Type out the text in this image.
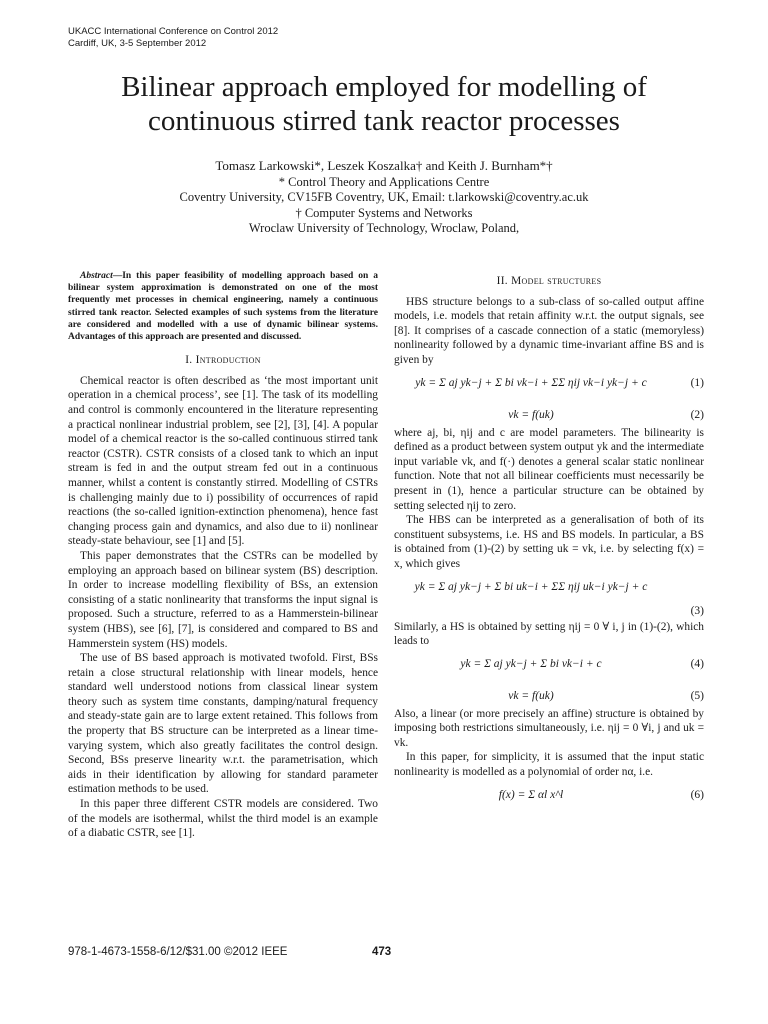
UKACC International Conference on Control 2012
Cardiff, UK, 3-5 September 2012
Bilinear approach employed for modelling of
continuous stirred tank reactor processes
Tomasz Larkowski*, Leszek Koszalka† and Keith J. Burnham*†
* Control Theory and Applications Centre
Coventry University, CV15FB Coventry, UK, Email: t.larkowski@coventry.ac.uk
† Computer Systems and Networks
Wroclaw University of Technology, Wroclaw, Poland,

Abstract—In this paper feasibility of modelling approach based on a bilinear system approximation is demonstrated on one of the most frequently met processes in chemical engineering, namely a continuous stirred tank reactor. Selected examples of such systems from the literature are considered and modelled with a use of dynamic bilinear systems. Advantages of this approach are presented and discussed.

I. Introduction

Chemical reactor is often described as ‘the most important unit operation in a chemical process’, see [1]. The task of its modelling and control is commonly encountered in the literature representing a practical nonlinear industrial problem, see [2], [3], [4]. A popular model of a chemical reactor is the so-called continuous stirred tank reactor (CSTR). CSTR consists of a closed tank to which an input stream is fed in and the output stream fed out in a continuous manner, whilst a content is constantly stirred. Modelling of CSTRs is challenging mainly due to i) possibility of occurrences of rapid reactions (the so-called ignition-extinction phenomena), hence fast changing process gain and dynamics, and also due to ii) nonlinear steady-state behaviour, see [1] and [5].

This paper demonstrates that the CSTRs can be modelled by employing an approach based on bilinear system (BS) description. In order to increase modelling flexibility of BSs, an extension consisting of a static nonlinearity that transforms the input signal is proposed. Such a structure, referred to as a Hammerstein-bilinear system (HBS), see [6], [7], is considered and compared to BS and Hammerstein system (HS) models.

The use of BS based approach is motivated twofold. First, BSs retain a close structural relationship with linear models, hence standard well understood notions from classical linear system theory such as system time constants, damping/natural frequency and steady-state gain are to large extent retained. This follows from the property that BS structure can be interpreted as a linear time-varying system, which also greatly facilitates the control design. Second, BSs preserve linearity w.r.t. the parametrisation, which aids in their identification by allowing for standard parameter estimation methods to be used.

In this paper three different CSTR models are considered. Two of the models are isothermal, whilst the third model is an example of a diabatic CSTR, see [1].

II. Model structures

HBS structure belongs to a sub-class of so-called output affine models, i.e. models that retain affinity w.r.t. the output signals, see [8]. It comprises of a cascade connection of a static (memoryless) nonlinearity followed by a dynamic time-invariant affine BS and is given by

yk = Σ aj yk−j + Σ bi vk−i + ΣΣ ηij vk−i yk−j + c	(1)
vk = f(uk)	(2)

where aj, bi, ηij and c are model parameters. The bilinearity is defined as a product between system output yk and the intermediate input variable vk, and f(·) denotes a general scalar static nonlinear function. Note that not all bilinear coefficients must necessarily be present in (1), hence a particular structure can be obtained by setting selected ηij to zero.

The HBS can be interpreted as a generalisation of both of its constituent subsystems, i.e. HS and BS models. In particular, a BS is obtained from (1)-(2) by setting uk = vk, i.e. by selecting f(x) = x, which gives

yk = Σ aj yk−j + Σ bi uk−i + ΣΣ ηij uk−i yk−j + c
(3)

Similarly, a HS is obtained by setting ηij = 0 ∀ i, j in (1)-(2), which leads to

yk = Σ aj yk−j + Σ bi vk−i + c	(4)
vk = f(uk)	(5)

Also, a linear (or more precisely an affine) structure is obtained by imposing both restrictions simultaneously, i.e. ηij = 0 ∀i, j and uk = vk.

In this paper, for simplicity, it is assumed that the input static nonlinearity is modelled as a polynomial of order nα, i.e.

f(x) = Σ αl x^l	(6)
978-1-4673-1558-6/12/$31.00 ©2012 IEEE	473
